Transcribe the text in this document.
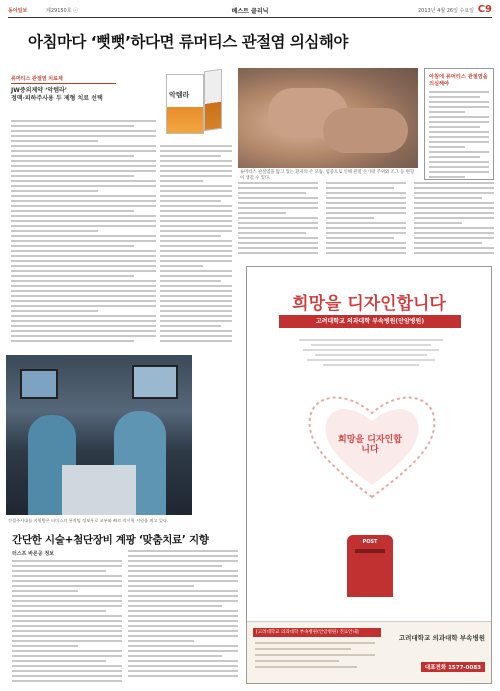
동아일보	제29150호 ⓒ	베스트 클리닉	2013년 4월 26일 수요일 C9
아침마다 ‘뻣뻣’하다면 류머티스 관절염 의심해야
류머티스 관절염 치료제
JW중외제약 ‘악템라’
정맥·피하주사용 두 제형 치료 선택	악템라
류머티스 관절염을 앓고 있는 환자의 손 모습. 염증으로 인해 관절 손가락 주위와 조그 등 변형이 생길 수 있다.
아침에 류머티스 관절염을 의심해야
간접주사대를 지원받은 터미스의 용직팀 정보우로 교부와 빠르 작시원 시원울 뫼고 있다.
간단한 시술+첨단장비 계팡 ‘맞춤치료’ 지향
터스프 바른공 정보
희망을 디자인합니다
고려대학교 의과대학 부속병원(안암병원)
희망을 디자인합니다
POST
[고려대학교 의과대학 부속병원(안암병원) 진료안내]
고려대학교 의과대학 부속병원
대표전화 1577-0083
